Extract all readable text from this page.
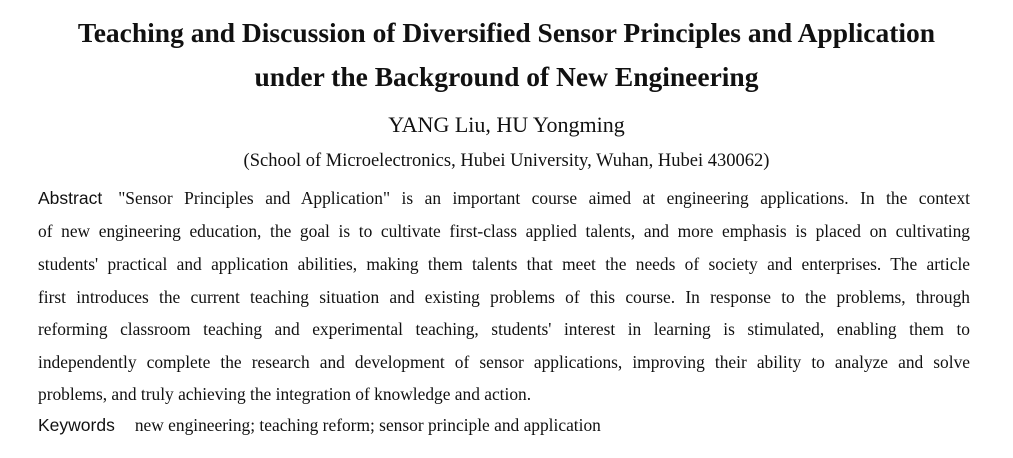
Teaching and Discussion of Diversified Sensor Principles and Application
under the Background of New Engineering
YANG Liu, HU Yongming
(School of Microelectronics, Hubei University, Wuhan, Hubei 430062)
Abstract "Sensor Principles and Application" is an important course aimed at engineering applications. In the context
of new engineering education, the goal is to cultivate first-class applied talents, and more emphasis is placed on cultivating
students' practical and application abilities, making them talents that meet the needs of society and enterprises. The article
first introduces the current teaching situation and existing problems of this course. In response to the problems, through
reforming classroom teaching and experimental teaching, students' interest in learning is stimulated, enabling them to
independently complete the research and development of sensor applications, improving their ability to analyze and solve
problems, and truly achieving the integration of knowledge and action.
Keywords new engineering; teaching reform; sensor principle and application
